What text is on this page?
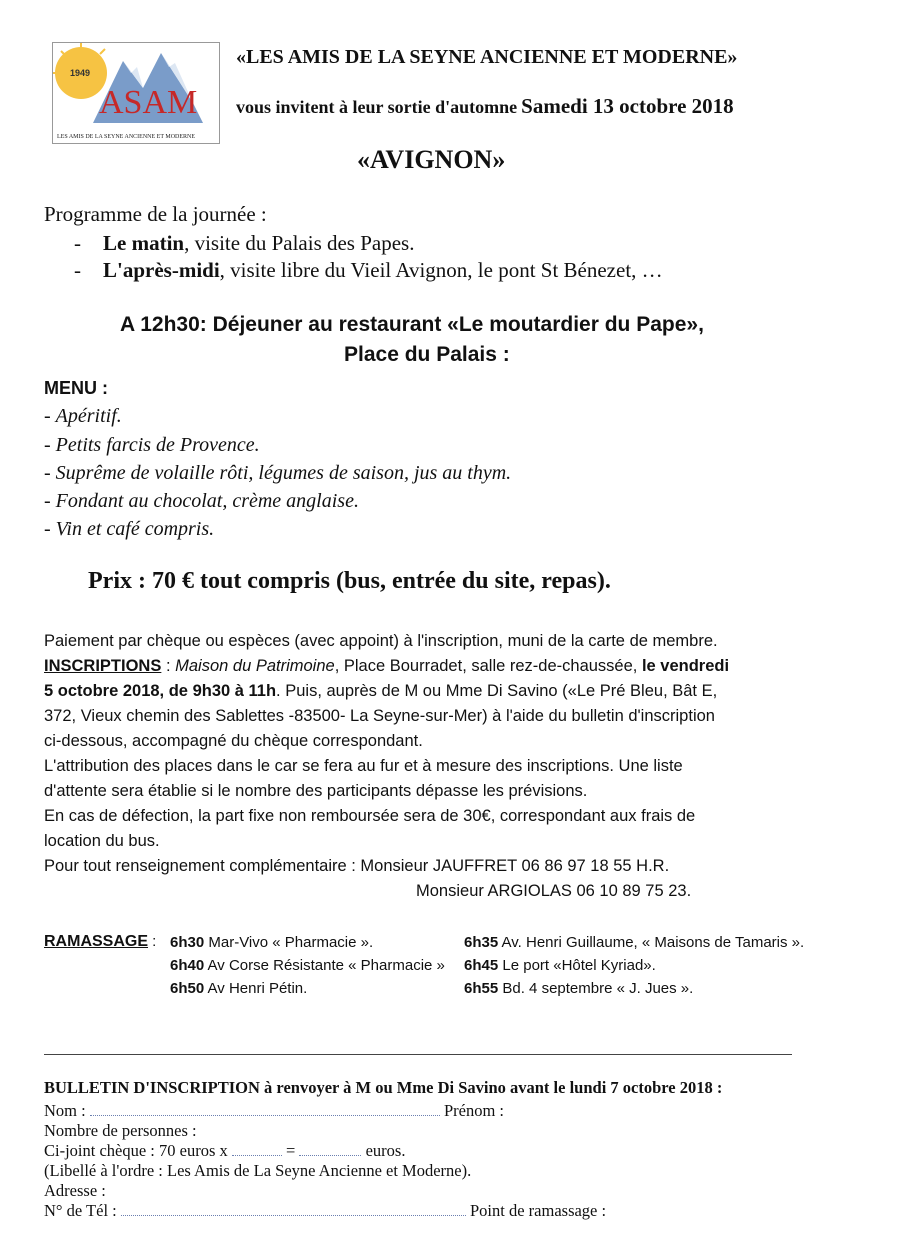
1949
ASAM
LES AMIS DE LA SEYNE ANCIENNE ET MODERNE
«LES AMIS DE LA SEYNE ANCIENNE ET MODERNE»
vous invitent à leur sortie d'automne Samedi 13 octobre 2018
«AVIGNON»
Programme de la journée :
- Le matin, visite du Palais des Papes.
- L'après-midi, visite libre du Vieil Avignon, le pont St Bénezet, …
A 12h30: Déjeuner au restaurant «Le moutardier du Pape»,
Place du Palais :
MENU :
- Apéritif.
- Petits farcis de Provence.
- Suprême de volaille rôti, légumes de saison, jus au thym.
- Fondant au chocolat, crème anglaise.
- Vin et café compris.
Prix : 70 € tout compris (bus, entrée du site, repas).
Paiement par chèque ou espèces (avec appoint) à l'inscription, muni de la carte de membre.
INSCRIPTIONS : Maison du Patrimoine, Place Bourradet, salle rez-de-chaussée, le vendredi
5 octobre 2018, de 9h30 à 11h. Puis, auprès de M ou Mme Di Savino («Le Pré Bleu, Bât E,
372, Vieux chemin des Sablettes -83500- La Seyne-sur-Mer) à l'aide du bulletin d'inscription
ci-dessous, accompagné du chèque correspondant.
L'attribution des places dans le car se fera au fur et à mesure des inscriptions. Une liste
d'attente sera établie si le nombre des participants dépasse les prévisions.
En cas de défection, la part fixe non remboursée sera de 30€, correspondant aux frais de
location du bus.
Pour tout renseignement complémentaire : Monsieur JAUFFRET 06 86 97 18 55 H.R.
Monsieur ARGIOLAS 06 10 89 75 23.
RAMASSAGE : 6h30 Mar-Vivo « Pharmacie ».	6h35 Av. Henri Guillaume, « Maisons de Tamaris ».
6h40 Av Corse Résistante « Pharmacie » 6h45 Le port «Hôtel Kyriad».
6h50 Av Henri Pétin.	6h55 Bd. 4 septembre « J. Jues ».
BULLETIN D'INSCRIPTION à renvoyer à M ou Mme Di Savino avant le lundi 7 octobre 2018 :
Nom :	Prénom :
Nombre de personnes :
Ci-joint chèque : 70 euros x	=	euros.
(Libellé à l'ordre : Les Amis de La Seyne Ancienne et Moderne).
Adresse :
N° de Tél :	Point de ramassage :
